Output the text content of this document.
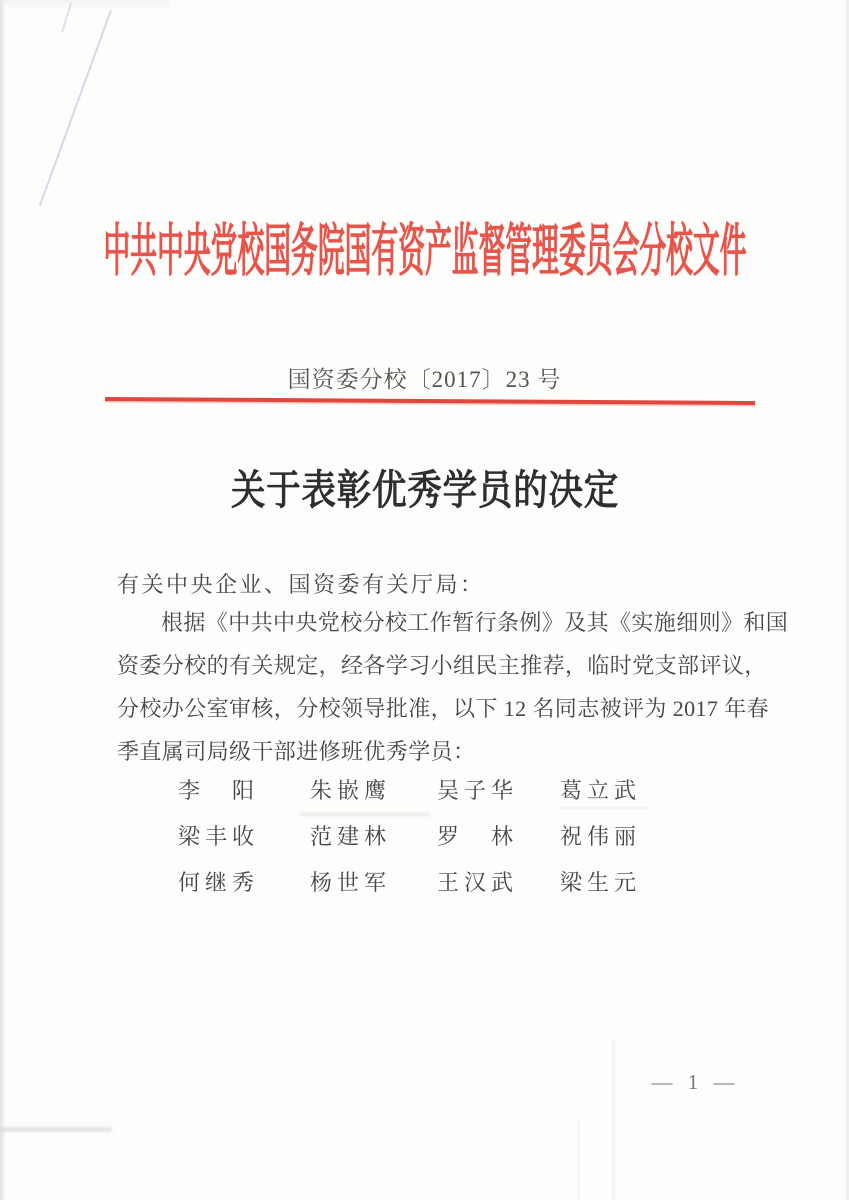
中共中央党校国务院国有资产监督管理委员会分校文件
国资委分校〔2017〕23 号
关于表彰优秀学员的决定
有关中央企业、国资委有关厅局：
根据《中共中央党校分校工作暂行条例》及其《实施细则》和国
资委分校的有关规定，经各学习小组民主推荐，临时党支部评议，
分校办公室审核，分校领导批准，以下 12 名同志被评为 2017 年春
季直属司局级干部进修班优秀学员：
李　阳	朱嵌鹰	吴子华	葛立武
梁丰收	范建林	罗　林	祝伟丽
何继秀	杨世军	王汉武	梁生元
— 1 —
